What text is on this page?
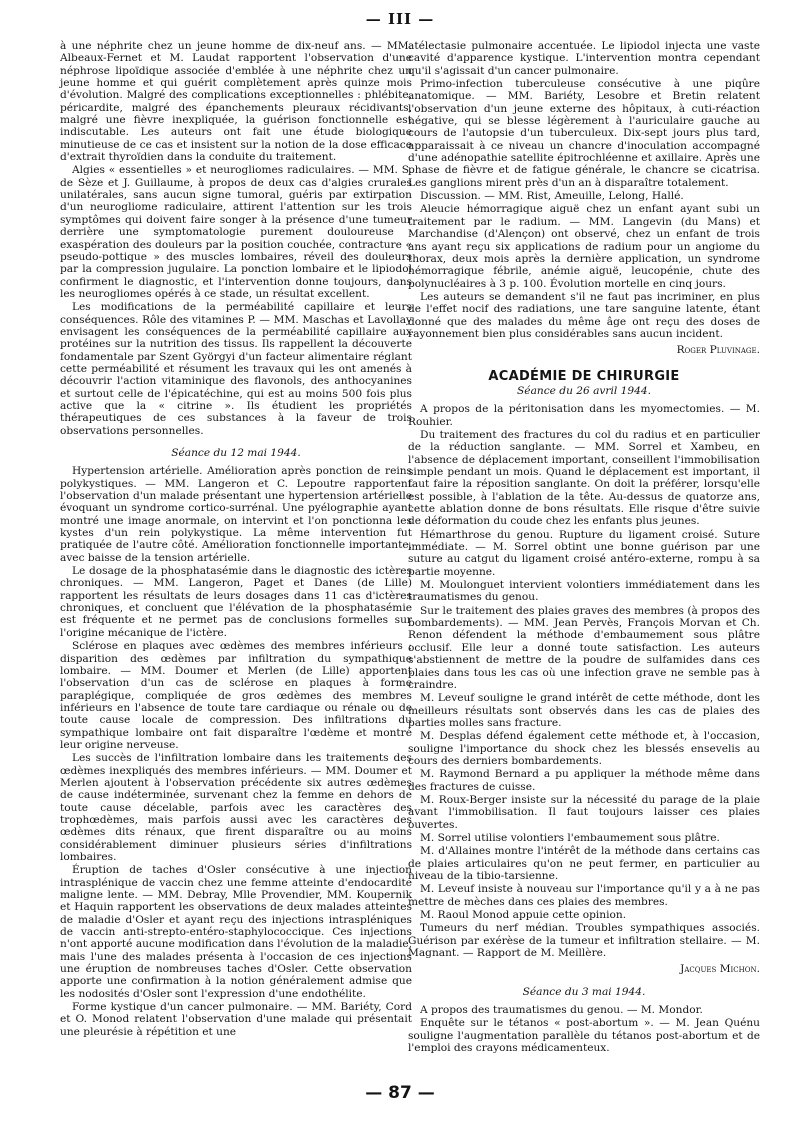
— III —

à une néphrite chez un jeune homme de dix-neuf ans. — MM. Albeaux-Fernet et M. Laudat rapportent l'observation d'une néphrose lipoïdique associée d'emblée à une néphrite chez un jeune homme et qui guérit complètement après quinze mois d'évolution. Malgré des complications exceptionnelles : phlébite, péricardite, malgré des épanchements pleuraux récidivants, malgré une fièvre inexpliquée, la guérison fonctionnelle est indiscutable. Les auteurs ont fait une étude biologique minutieuse de ce cas et insistent sur la notion de la dose efficace d'extrait thyroïdien dans la conduite du traitement.

Algies « essentielles » et neurogliomes radiculaires. — MM. S. de Sèze et J. Guillaume, à propos de deux cas d'algies crurales unilatérales, sans aucun signe tumoral, guéris par extirpation d'un neurogliome radiculaire, attirent l'attention sur les trois symptômes qui doivent faire songer à la présence d'une tumeur derrière une symptomatologie purement douloureuse : exaspération des douleurs par la position couchée, contracture « pseudo-pottique » des muscles lombaires, réveil des douleurs par la compression jugulaire. La ponction lombaire et le lipiodol confirment le diagnostic, et l'intervention donne toujours, dans les neurogliomes opérés à ce stade, un résultat excellent.

Les modifications de la perméabilité capillaire et leurs conséquences. Rôle des vitamines P. — MM. Maschas et Lavollay envisagent les conséquences de la perméabilité capillaire aux protéines sur la nutrition des tissus. Ils rappellent la découverte fondamentale par Szent Györgyi d'un facteur alimentaire réglant cette perméabilité et résument les travaux qui les ont amenés à découvrir l'action vitaminique des flavonols, des anthocyanines et surtout celle de l'épicatéchine, qui est au moins 500 fois plus active que la « citrine ». Ils étudient les propriétés thérapeutiques de ces substances à la faveur de trois observations personnelles.

Séance du 12 mai 1944.

Hypertension artérielle. Amélioration après ponction de reins polykystiques. — MM. Langeron et C. Lepoutre rapportent l'observation d'un malade présentant une hypertension artérielle évoquant un syndrome cortico-surrénal. Une pyélographie ayant montré une image anormale, on intervint et l'on ponctionna les kystes d'un rein polykystique. La même intervention fut pratiquée de l'autre côté. Amélioration fonctionnelle importante, avec baisse de la tension artérielle.

Le dosage de la phosphatasémie dans le diagnostic des ictères chroniques. — MM. Langeron, Paget et Danes (de Lille) rapportent les résultats de leurs dosages dans 11 cas d'ictères chroniques, et concluent que l'élévation de la phosphatasémie est fréquente et ne permet pas de conclusions formelles sur l'origine mécanique de l'ictère.

Sclérose en plaques avec œdèmes des membres inférieurs ; disparition des œdèmes par infiltration du sympathique lombaire. — MM. Doumer et Merlen (de Lille) apportent l'observation d'un cas de sclérose en plaques à forme paraplégique, compliquée de gros œdèmes des membres inférieurs en l'absence de toute tare cardiaque ou rénale ou de toute cause locale de compression. Des infiltrations du sympathique lombaire ont fait disparaître l'œdème et montré leur origine nerveuse.

Les succès de l'infiltration lombaire dans les traitements des œdèmes inexpliqués des membres inférieurs. — MM. Doumer et Merlen ajoutent à l'observation précédente six autres œdèmes de cause indéterminée, survenant chez la femme en dehors de toute cause décelable, parfois avec les caractères des trophœdèmes, mais parfois aussi avec les caractères des œdèmes dits rénaux, que firent disparaître ou au moins considérablement diminuer plusieurs séries d'infiltrations lombaires.

Éruption de taches d'Osler consécutive à une injection intrasplénique de vaccin chez une femme atteinte d'endocardite maligne lente. — MM. Debray, Mlle Provendier, MM. Koupernik et Haquin rapportent les observations de deux malades atteintes de maladie d'Osler et ayant reçu des injections intraspléniques de vaccin anti-strepto-entéro-staphylococcique. Ces injections n'ont apporté aucune modification dans l'évolution de la maladie, mais l'une des malades présenta à l'occasion de ces injections une éruption de nombreuses taches d'Osler. Cette observation apporte une confirmation à la notion généralement admise que les nodosités d'Osler sont l'expression d'une endothélite.

Forme kystique d'un cancer pulmonaire. — MM. Bariéty, Cord et O. Monod relatent l'observation d'une malade qui présentait une pleurésie à répétition et une

atélectasie pulmonaire accentuée. Le lipiodol injecta une vaste cavité d'apparence kystique. L'intervention montra cependant qu'il s'agissait d'un cancer pulmonaire.

Primo-infection tuberculeuse consécutive à une piqûre anatomique. — MM. Bariéty, Lesobre et Bretin relatent l'observation d'un jeune externe des hôpitaux, à cuti-réaction négative, qui se blesse légèrement à l'auriculaire gauche au cours de l'autopsie d'un tuberculeux. Dix-sept jours plus tard, apparaissait à ce niveau un chancre d'inoculation accompagné d'une adénopathie satellite épitrochléenne et axillaire. Après une phase de fièvre et de fatigue générale, le chancre se cicatrisa. Les ganglions mirent près d'un an à disparaître totalement.

Discussion. — MM. Rist, Ameuille, Lelong, Hallé.

Aleucie hémorragique aiguë chez un enfant ayant subi un traitement par le radium. — MM. Langevin (du Mans) et Marchandise (d'Alençon) ont observé, chez un enfant de trois ans ayant reçu six applications de radium pour un angiome du thorax, deux mois après la dernière application, un syndrome hémorragique fébrile, anémie aiguë, leucopénie, chute des polynucléaires à 3 p. 100. Évolution mortelle en cinq jours.

Les auteurs se demandent s'il ne faut pas incriminer, en plus de l'effet nocif des radiations, une tare sanguine latente, étant donné que des malades du même âge ont reçu des doses de rayonnement bien plus considérables sans aucun incident.

Roger Pluvinage.
ACADÉMIE DE CHIRURGIE
Séance du 26 avril 1944.

A propos de la péritonisation dans les myomectomies. — M. Rouhier.

Du traitement des fractures du col du radius et en particulier de la réduction sanglante. — MM. Sorrel et Xambeu, en l'absence de déplacement important, conseillent l'immobilisation simple pendant un mois. Quand le déplacement est important, il faut faire la réposition sanglante. On doit la préférer, lorsqu'elle est possible, à l'ablation de la tête. Au-dessus de quatorze ans, cette ablation donne de bons résultats. Elle risque d'être suivie de déformation du coude chez les enfants plus jeunes.

Hémarthrose du genou. Rupture du ligament croisé. Suture immédiate. — M. Sorrel obtint une bonne guérison par une suture au catgut du ligament croisé antéro-externe, rompu à sa partie moyenne.

M. Moulonguet intervient volontiers immédiatement dans les traumatismes du genou.

Sur le traitement des plaies graves des membres (à propos des bombardements). — MM. Jean Pervès, François Morvan et Ch. Renon défendent la méthode d'embaumement sous plâtre occlusif. Elle leur a donné toute satisfaction. Les auteurs s'abstiennent de mettre de la poudre de sulfamides dans ces plaies dans tous les cas où une infection grave ne semble pas à craindre.

M. Leveuf souligne le grand intérêt de cette méthode, dont les meilleurs résultats sont observés dans les cas de plaies des parties molles sans fracture.

M. Desplas défend également cette méthode et, à l'occasion, souligne l'importance du shock chez les blessés ensevelis au cours des derniers bombardements.

M. Raymond Bernard a pu appliquer la méthode même dans des fractures de cuisse.

M. Roux-Berger insiste sur la nécessité du parage de la plaie avant l'immobilisation. Il faut toujours laisser ces plaies ouvertes.

M. Sorrel utilise volontiers l'embaumement sous plâtre.

M. d'Allaines montre l'intérêt de la méthode dans certains cas de plaies articulaires qu'on ne peut fermer, en particulier au niveau de la tibio-tarsienne.

M. Leveuf insiste à nouveau sur l'importance qu'il y a à ne pas mettre de mèches dans ces plaies des membres.

M. Raoul Monod appuie cette opinion.

Tumeurs du nerf médian. Troubles sympathiques associés. Guérison par exérèse de la tumeur et infiltration stellaire. — M. Magnant. — Rapport de M. Meillère.

Jacques Michon.
Séance du 3 mai 1944.

A propos des traumatismes du genou. — M. Mondor.

Enquête sur le tétanos « post-abortum ». — M. Jean Quénu souligne l'augmentation parallèle du tétanos post-abortum et de l'emploi des crayons médicamenteux.

— 87 —
